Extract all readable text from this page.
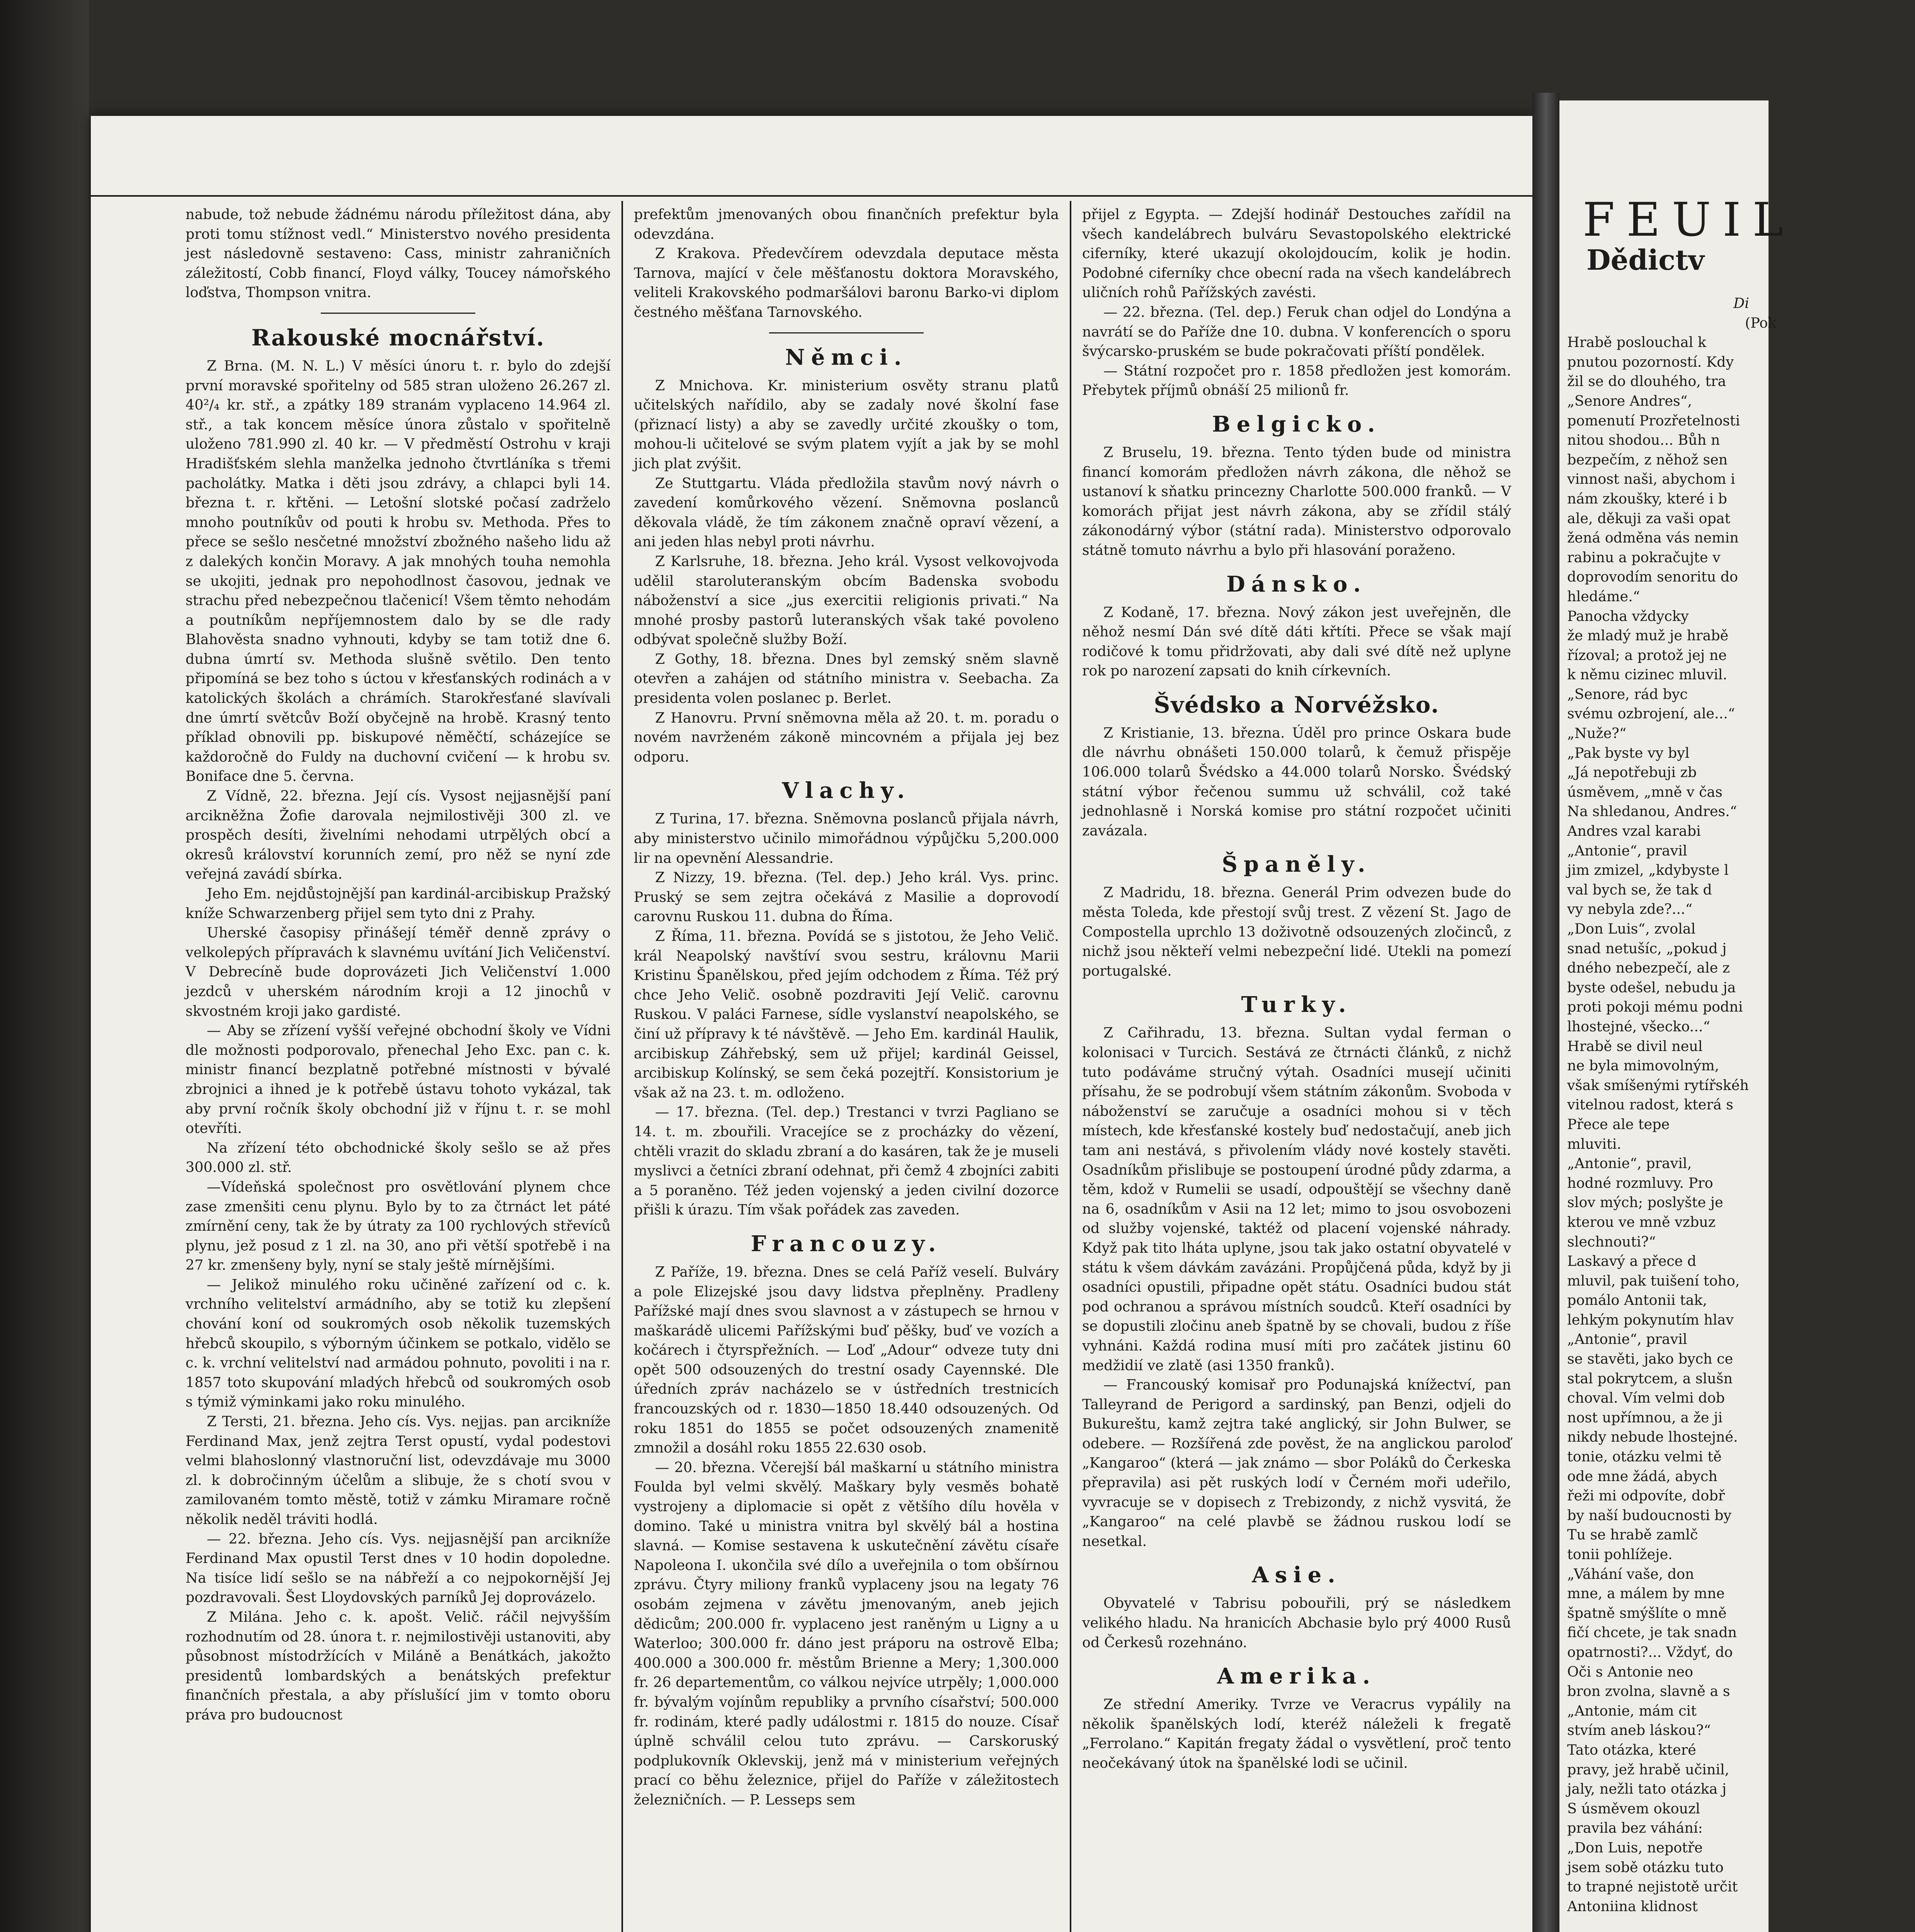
nabude, tož nebude žádnému národu příležitost dána, aby proti tomu stížnost vedl.“ Ministerstvo nového presidenta jest následovně sestaveno: Cass, ministr zahraničních záležitostí, Cobb financí, Floyd války, Toucey námořského loďstva, Thompson vnitra.

Rakouské mocnářství.

Z Brna. (M. N. L.) V měsíci únoru t. r. bylo do zdejší první moravské spořitelny od 585 stran uloženo 26.267 zl. 40²/₄ kr. stř., a zpátky 189 stranám vyplaceno 14.964 zl. stř., a tak koncem měsíce února zůstalo v spořitelně uloženo 781.990 zl. 40 kr. — V předměstí Ostrohu v kraji Hradišťském slehla manželka jednoho čtvrtláníka s třemi pacholátky. Matka i děti jsou zdrávy, a chlapci byli 14. března t. r. křtěni. — Letošní slotské počasí zadrželo mnoho poutníkův od pouti k hrobu sv. Methoda. Přes to přece se sešlo nesčetné množství zbožného našeho lidu až z dalekých končin Moravy. A jak mnohých touha nemohla se ukojiti, jednak pro nepohodlnost časovou, jednak ve strachu před nebezpečnou tlačenicí! Všem těmto nehodám a poutníkům nepříjemnostem dalo by se dle rady Blahověsta snadno vyhnouti, kdyby se tam totiž dne 6. dubna úmrtí sv. Methoda slušně světilo. Den tento připomíná se bez toho s úctou v křesťanských rodinách a v katolických školách a chrámích. Starokřesťané slavívali dne úmrtí světcův Boží obyčejně na hrobě. Krasný tento příklad obnovili pp. biskupové něměčtí, scházejíce se každoročně do Fuldy na duchovní cvičení — k hrobu sv. Boniface dne 5. června.

Z Vídně, 22. března. Její cís. Vysost nejjasnější paní arcikněžna Žofie darovala nejmilostivěji 300 zl. ve prospěch desíti, živelními nehodami utrpělých obcí a okresů království korunních zemí, pro něž se nyní zde veřejná zavádí sbírka.

Jeho Em. nejdůstojnější pan kardinál-arcibiskup Pražský kníže Schwarzenberg přijel sem tyto dni z Prahy.

Uherské časopisy přinášejí téměř denně zprávy o velkolepých přípravách k slavnému uvítání Jich Veličenství. V Debrecíně bude doprovázeti Jich Veličenství 1.000 jezdců v uherském národním kroji a 12 jinochů v skvostném kroji jako gardisté.

— Aby se zřízení vyšší veřejné obchodní školy ve Vídni dle možnosti podporovalo, přenechal Jeho Exc. pan c. k. ministr financí bezplatně potřebné místnosti v bývalé zbrojnici a ihned je k potřebě ústavu tohoto vykázal, tak aby první ročník školy obchodní již v říjnu t. r. se mohl otevříti.

Na zřízení této obchodnické školy sešlo se až přes 300.000 zl. stř.

—Vídeňská společnost pro osvětlování plynem chce zase zmenšiti cenu plynu. Bylo by to za čtrnáct let páté zmírnění ceny, tak že by útraty za 100 rychlových střevíců plynu, jež posud z 1 zl. na 30, ano při větší spotřebě i na 27 kr. zmenšeny byly, nyní se staly ještě mírnějšími.

— Jelikož minulého roku učiněné zařízení od c. k. vrchního velitelství armádního, aby se totiž ku zlepšení chování koní od soukromých osob několik tuzemských hřebců skoupilo, s výborným účinkem se potkalo, vidělo se c. k. vrchní velitelství nad armádou pohnuto, povoliti i na r. 1857 toto skupování mladých hřebců od soukromých osob s týmiž výminkami jako roku minulého.

Z Tersti, 21. března. Jeho cís. Vys. nejjas. pan arcikníže Ferdinand Max, jenž zejtra Terst opustí, vydal podestovi velmi blahoslonný vlastnoruční list, odevzdávaje mu 3000 zl. k dobročinným účelům a slibuje, že s chotí svou v zamilovaném tomto městě, totiž v zámku Miramare ročně několik neděl tráviti hodlá.

— 22. března. Jeho cís. Vys. nejjasnější pan arcikníže Ferdinand Max opustil Terst dnes v 10 hodin dopoledne. Na tisíce lidí sešlo se na nábřeží a co nejpokornější Jej pozdravovali. Šest Lloydovských parníků Jej doprovázelo.

Z Milána. Jeho c. k. apošt. Velič. ráčil nejvyšším rozhodnutím od 28. února t. r. nejmilostivěji ustanoviti, aby působnost místodržících v Miláně a Benátkách, jakožto presidentů lombardských a benátských prefektur finančních přestala, a aby příslušící jim v tomto oboru práva pro budoucnost

prefektům jmenovaných obou finančních prefektur byla odevzdána.

Z Krakova. Předevčírem odevzdala deputace města Tarnova, mající v čele měšťanostu doktora Moravského, veliteli Krakovského podmaršálovi baronu Barko-vi diplom čestného měšťana Tarnovského.

Němci.

Z Mnichova. Kr. ministerium osvěty stranu platů učitelských nařídilo, aby se zadaly nové školní fase (přiznací listy) a aby se zavedly určité zkoušky o tom, mohou-li učitelové se svým platem vyjít a jak by se mohl jich plat zvýšit.

Ze Stuttgartu. Vláda předložila stavům nový návrh o zavedení komůrkového vězení. Sněmovna poslanců děkovala vládě, že tím zákonem značně opraví vězení, a ani jeden hlas nebyl proti návrhu.

Z Karlsruhe, 18. března. Jeho král. Vysost velkovojvoda udělil staroluteranským obcím Badenska svobodu náboženství a sice „jus exercitii religionis privati.“ Na mnohé prosby pastorů luteranských však také povoleno odbývat společně služby Boží.

Z Gothy, 18. března. Dnes byl zemský sněm slavně otevřen a zahájen od státního ministra v. Seebacha. Za presidenta volen poslanec p. Berlet.

Z Hanovru. První sněmovna měla až 20. t. m. poradu o novém navrženém zákoně mincovném a přijala jej bez odporu.

Vlachy.

Z Turina, 17. března. Sněmovna poslanců přijala návrh, aby ministerstvo učinilo mimořádnou výpůjčku 5,200.000 lir na opevnění Alessandrie.

Z Nizzy, 19. března. (Tel. dep.) Jeho král. Vys. princ. Pruský se sem zejtra očekává z Masilie a doprovodí carovnu Ruskou 11. dubna do Říma.

Z Říma, 11. března. Povídá se s jistotou, že Jeho Velič. král Neapolský navštíví svou sestru, královnu Marii Kristinu Španělskou, před jejím odchodem z Říma. Též prý chce Jeho Velič. osobně pozdraviti Její Velič. carovnu Ruskou. V paláci Farnese, sídle vyslanství neapolského, se činí už přípravy k té návštěvě. — Jeho Em. kardinál Haulik, arcibiskup Záhřebský, sem už přijel; kardinál Geissel, arcibiskup Kolínský, se sem čeká pozejtří. Konsistorium je však až na 23. t. m. odloženo.

— 17. března. (Tel. dep.) Trestanci v tvrzi Pagliano se 14. t. m. zbouřili. Vracejíce se z procházky do vězení, chtěli vrazit do skladu zbraní a do kasáren, tak že je museli myslivci a četníci zbraní odehnat, při čemž 4 zbojníci zabiti a 5 poraněno. Též jeden vojenský a jeden civilní dozorce přišli k úrazu. Tím však pořádek zas zaveden.

Francouzy.

Z Paříže, 19. března. Dnes se celá Paříž veselí. Bulváry a pole Elizejské jsou davy lidstva přeplněny. Pradleny Pařížské mají dnes svou slavnost a v zástupech se hrnou v maškarádě ulicemi Pařížskými buď pěšky, buď ve vozích a kočárech i čtyrspřežních. — Loď „Adour“ odveze tuty dni opět 500 odsouzených do trestní osady Cayennské. Dle úředních zpráv nacházelo se v ústředních trestnicích francouzských od r. 1830—1850 18.440 odsouzených. Od roku 1851 do 1855 se počet odsouzených znamenitě zmnožil a dosáhl roku 1855 22.630 osob.

— 20. března. Včerejší bál maškarní u státního ministra Foulda byl velmi skvělý. Maškary byly vesměs bohatě vystrojeny a diplomacie si opět z většího dílu hověla v domino. Také u ministra vnitra byl skvělý bál a hostina slavná. — Komise sestavena k uskutečnění závětu císaře Napoleona I. ukončila své dílo a uveřejnila o tom obšírnou zprávu. Čtyry miliony franků vyplaceny jsou na legaty 76 osobám zejmena v závětu jmenovaným, aneb jejich dědicům; 200.000 fr. vyplaceno jest raněným u Ligny a u Waterloo; 300.000 fr. dáno jest práporu na ostrově Elba; 400.000 a 300.000 fr. městům Brienne a Mery; 1,300.000 fr. 26 departementům, co válkou nejvíce utrpěly; 1,000.000 fr. bývalým vojínům republiky a prvního císařství; 500.000 fr. rodinám, které padly událostmi r. 1815 do nouze. Císař úplně schválil celou tuto zprávu. — Carskoruský podplukovník Oklevskij, jenž má v ministerium veřejných prací co běhu železnice, přijel do Paříže v záležitostech železničních. — P. Lesseps sem

přijel z Egypta. — Zdejší hodinář Destouches zařídil na všech kandelábrech bulváru Sevastopolského elektrické ciferníky, které ukazují okolojdoucím, kolik je hodin. Podobné ciferníky chce obecní rada na všech kandelábrech uličních rohů Pařížských zavésti.

— 22. března. (Tel. dep.) Feruk chan odjel do Londýna a navrátí se do Paříže dne 10. dubna. V konferencích o sporu švýcarsko-pruském se bude pokračovati příští pondělek.

— Státní rozpočet pro r. 1858 předložen jest komorám. Přebytek příjmů obnáší 25 milionů fr.

Belgicko.

Z Bruselu, 19. března. Tento týden bude od ministra financí komorám předložen návrh zákona, dle něhož se ustanoví k sňatku princezny Charlotte 500.000 franků. — V komorách přijat jest návrh zákona, aby se zřídil stálý zákonodárný výbor (státní rada). Ministerstvo odporovalo státně tomuto návrhu a bylo při hlasování poraženo.

Dánsko.

Z Kodaně, 17. března. Nový zákon jest uveřejněn, dle něhož nesmí Dán své dítě dáti křtíti. Přece se však mají rodičové k tomu přidržovati, aby dali své dítě než uplyne rok po narození zapsati do knih církevních.

Švédsko a Norvéžsko.

Z Kristianie, 13. března. Úděl pro prince Oskara bude dle návrhu obnášeti 150.000 tolarů, k čemuž přispěje 106.000 tolarů Švédsko a 44.000 tolarů Norsko. Švédský státní výbor řečenou summu už schválil, což také jednohlasně i Norská komise pro státní rozpočet učiniti zavázala.

Španěly.

Z Madridu, 18. března. Generál Prim odvezen bude do města Toleda, kde přestojí svůj trest. Z vězení St. Jago de Compostella uprchlo 13 doživotně odsouzených zločinců, z nichž jsou někteří velmi nebezpeční lidé. Utekli na pomezí portugalské.

Turky.

Z Cařihradu, 13. března. Sultan vydal ferman o kolonisaci v Turcich. Sestává ze čtrnácti článků, z nichž tuto podáváme stručný výtah. Osadníci musejí učiniti přísahu, že se podrobují všem státním zákonům. Svoboda v náboženství se zaručuje a osadníci mohou si v těch místech, kde křesťanské kostely buď nedostačují, aneb jich tam ani nestává, s přivolením vlády nové kostely stavěti. Osadníkům přislibuje se postoupení úrodné půdy zdarma, a těm, kdož v Rumelii se usadí, odpouštějí se všechny daně na 6, osadníkům v Asii na 12 let; mimo to jsou osvobozeni od služby vojenské, taktéž od placení vojenské náhrady. Když pak tito lháta uplyne, jsou tak jako ostatní obyvatelé v státu k všem dávkám zavázáni. Propůjčená půda, když by ji osadníci opustili, připadne opět státu. Osadníci budou stát pod ochranou a správou místních soudců. Kteří osadníci by se dopustili zločinu aneb špatně by se chovali, budou z říše vyhnáni. Každá rodina musí míti pro začátek jistinu 60 medžidií ve zlatě (asi 1350 franků).

— Francouský komisař pro Podunajská knížectví, pan Talleyrand de Perigord a sardinský, pan Benzi, odjeli do Bukureštu, kamž zejtra také anglický, sir John Bulwer, se odebere. — Rozšířená zde pověst, že na anglickou paroloď „Kangaroo“ (která — jak známo — sbor Poláků do Čerkeska přepravila) asi pět ruských lodí v Černém moři udeřilo, vyvracuje se v dopisech z Trebizondy, z nichž vysvitá, že „Kangaroo“ na celé plavbě se žádnou ruskou lodí se nesetkal.

Asie.

Obyvatelé v Tabrisu pobouřili, prý se následkem velikého hladu. Na hranicích Abchasie bylo prý 4000 Rusů od Čerkesů rozehnáno.

Amerika.

Ze střední Ameriky. Tvrze ve Veracrus vypálily na několik španělských lodí, kteréž náleželi k fregatě „Ferrolano.“ Kapitán fregaty žádal o vysvětlení, proč tento neočekávaný útok na španělské lodi se učinil.

FEUIL
Dědictv
Di
(Pok
Hrabě poslouchal k
pnutou pozorností. Kdy
žil se do dlouhého, tra
„Senore Andres“,
pomenutí Prozřetelnosti
nitou shodou... Bůh n
bezpečím, z něhož sen
vinnost naši, abychom i
nám zkoušky, které i b
ale, děkuji za vaši opat
žená odměna vás nemin
rabinu a pokračujte v
doprovodím senoritu do
hledáme.“
Panocha vždycky
že mladý muž je hrabě
řízoval; a protož jej ne
k němu cizinec mluvil.
„Senore, rád byc
svému ozbrojení, ale...“
„Nuže?“
„Pak byste vy byl
„Já nepotřebuji zb
úsměvem, „mně v čas
Na shledanou, Andres.“
Andres vzal karabi
„Antonie“, pravil
jim zmizel, „kdybyste l
val bych se, že tak d
vy nebyla zde?...“
„Don Luis“, zvolal
snad netušíc, „pokud j
dného nebezpečí, ale z
byste odešel, nebudu ja
proti pokoji mému podni
lhostejné, všecko...“
Hrabě se divil neul
ne byla mimovolným,
však smíšenými rytířskéh
vitelnou radost, která s
Přece ale tepe
mluviti.
„Antonie“, pravil,
hodné rozmluvy. Pro
slov mých; poslyšte je
kterou ve mně vzbuz
slechnouti?“
Laskavý a přece d
mluvil, pak tuišení toho,
pomálo Antonii tak,
lehkým pokynutím hlav
„Antonie“, pravil
se stavěti, jako bych ce
stal pokrytcem, a slušn
choval. Vím velmi dob
nost upřímnou, a že ji
nikdy nebude lhostejné.
tonie, otázku velmi tě
ode mne žádá, abych
řeži mi odpovíte, dobř
by naší budoucnosti by
Tu se hrabě zamlč
tonii pohlížeje.
„Váhání vaše, don
mne, a málem by mne
špatně smýšlíte o mně
fičí chcete, je tak snadn
opatrnosti?... Vždyť, do
Oči s Antonie neo
bron zvolna, slavně a s
„Antonie, mám cit
stvím aneb láskou?“
Tato otázka, které
pravy, jež hrabě učinil,
jaly, nežli tato otázka j
S úsměvem okouzl
pravila bez váhání:
„Don Luis, nepotře
jsem sobě otázku tuto
to trapné nejistotě určit
Antoniina klidnost
